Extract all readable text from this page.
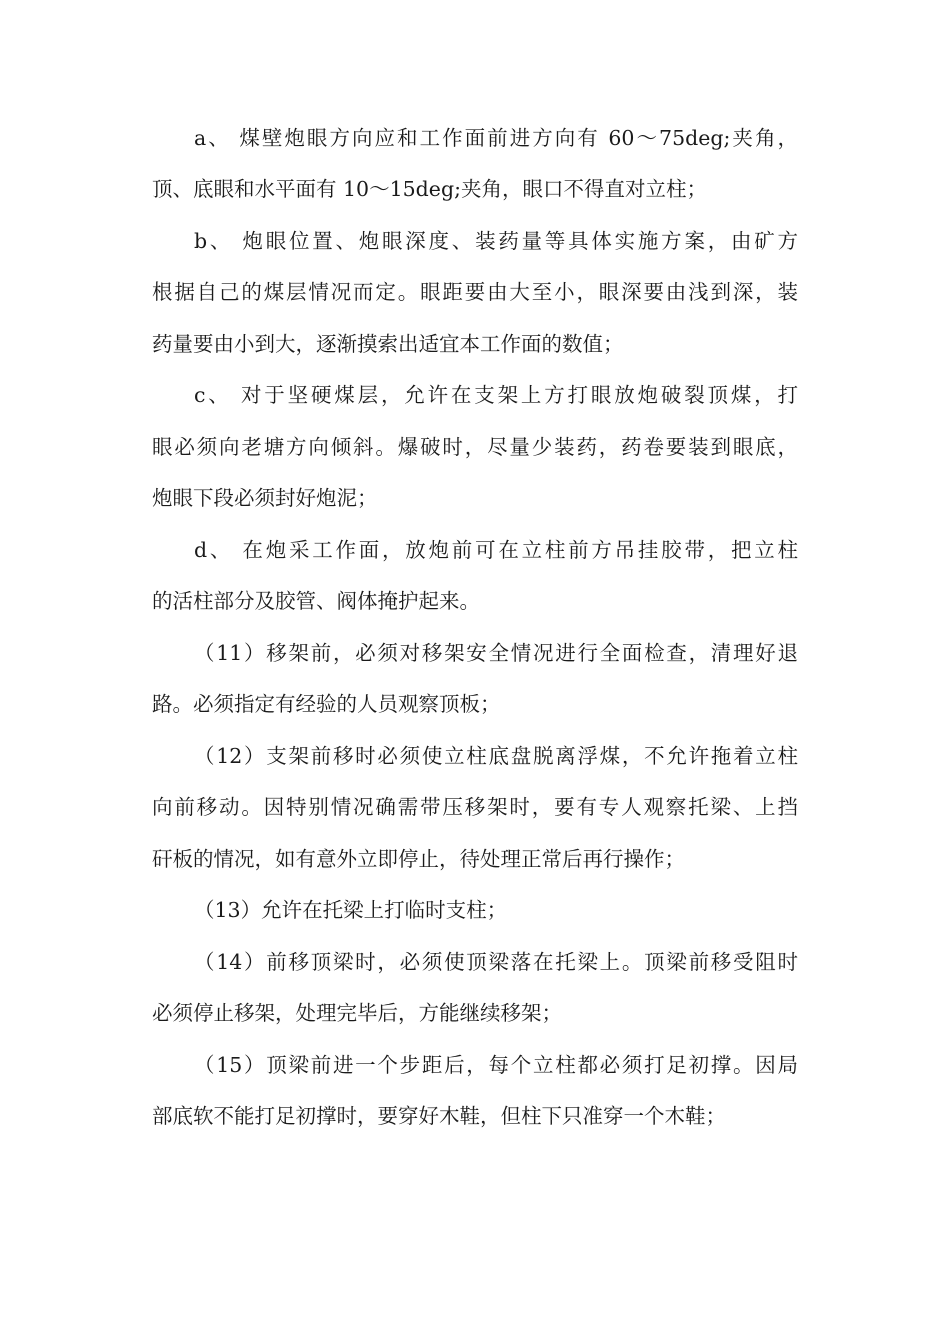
a、 煤壁炮眼方向应和工作面前进方向有 60～75deg;夹角，
顶、底眼和水平面有 10～15deg;夹角，眼口不得直对立柱；
b、 炮眼位置、炮眼深度、装药量等具体实施方案，由矿方
根据自己的煤层情况而定。眼距要由大至小，眼深要由浅到深，装
药量要由小到大，逐渐摸索出适宜本工作面的数值；
c、 对于坚硬煤层，允许在支架上方打眼放炮破裂顶煤，打
眼必须向老塘方向倾斜。爆破时，尽量少装药，药卷要装到眼底，
炮眼下段必须封好炮泥；
d、 在炮采工作面，放炮前可在立柱前方吊挂胶带，把立柱
的活柱部分及胶管、阀体掩护起来。
（11）移架前，必须对移架安全情况进行全面检查，清理好退
路。必须指定有经验的人员观察顶板；
（12）支架前移时必须使立柱底盘脱离浮煤，不允许拖着立柱
向前移动。因特别情况确需带压移架时，要有专人观察托梁、上挡
矸板的情况，如有意外立即停止，待处理正常后再行操作；
（13）允许在托梁上打临时支柱；
（14）前移顶梁时，必须使顶梁落在托梁上。顶梁前移受阻时
必须停止移架，处理完毕后，方能继续移架；
（15）顶梁前进一个步距后，每个立柱都必须打足初撑。因局
部底软不能打足初撑时，要穿好木鞋，但柱下只准穿一个木鞋；
